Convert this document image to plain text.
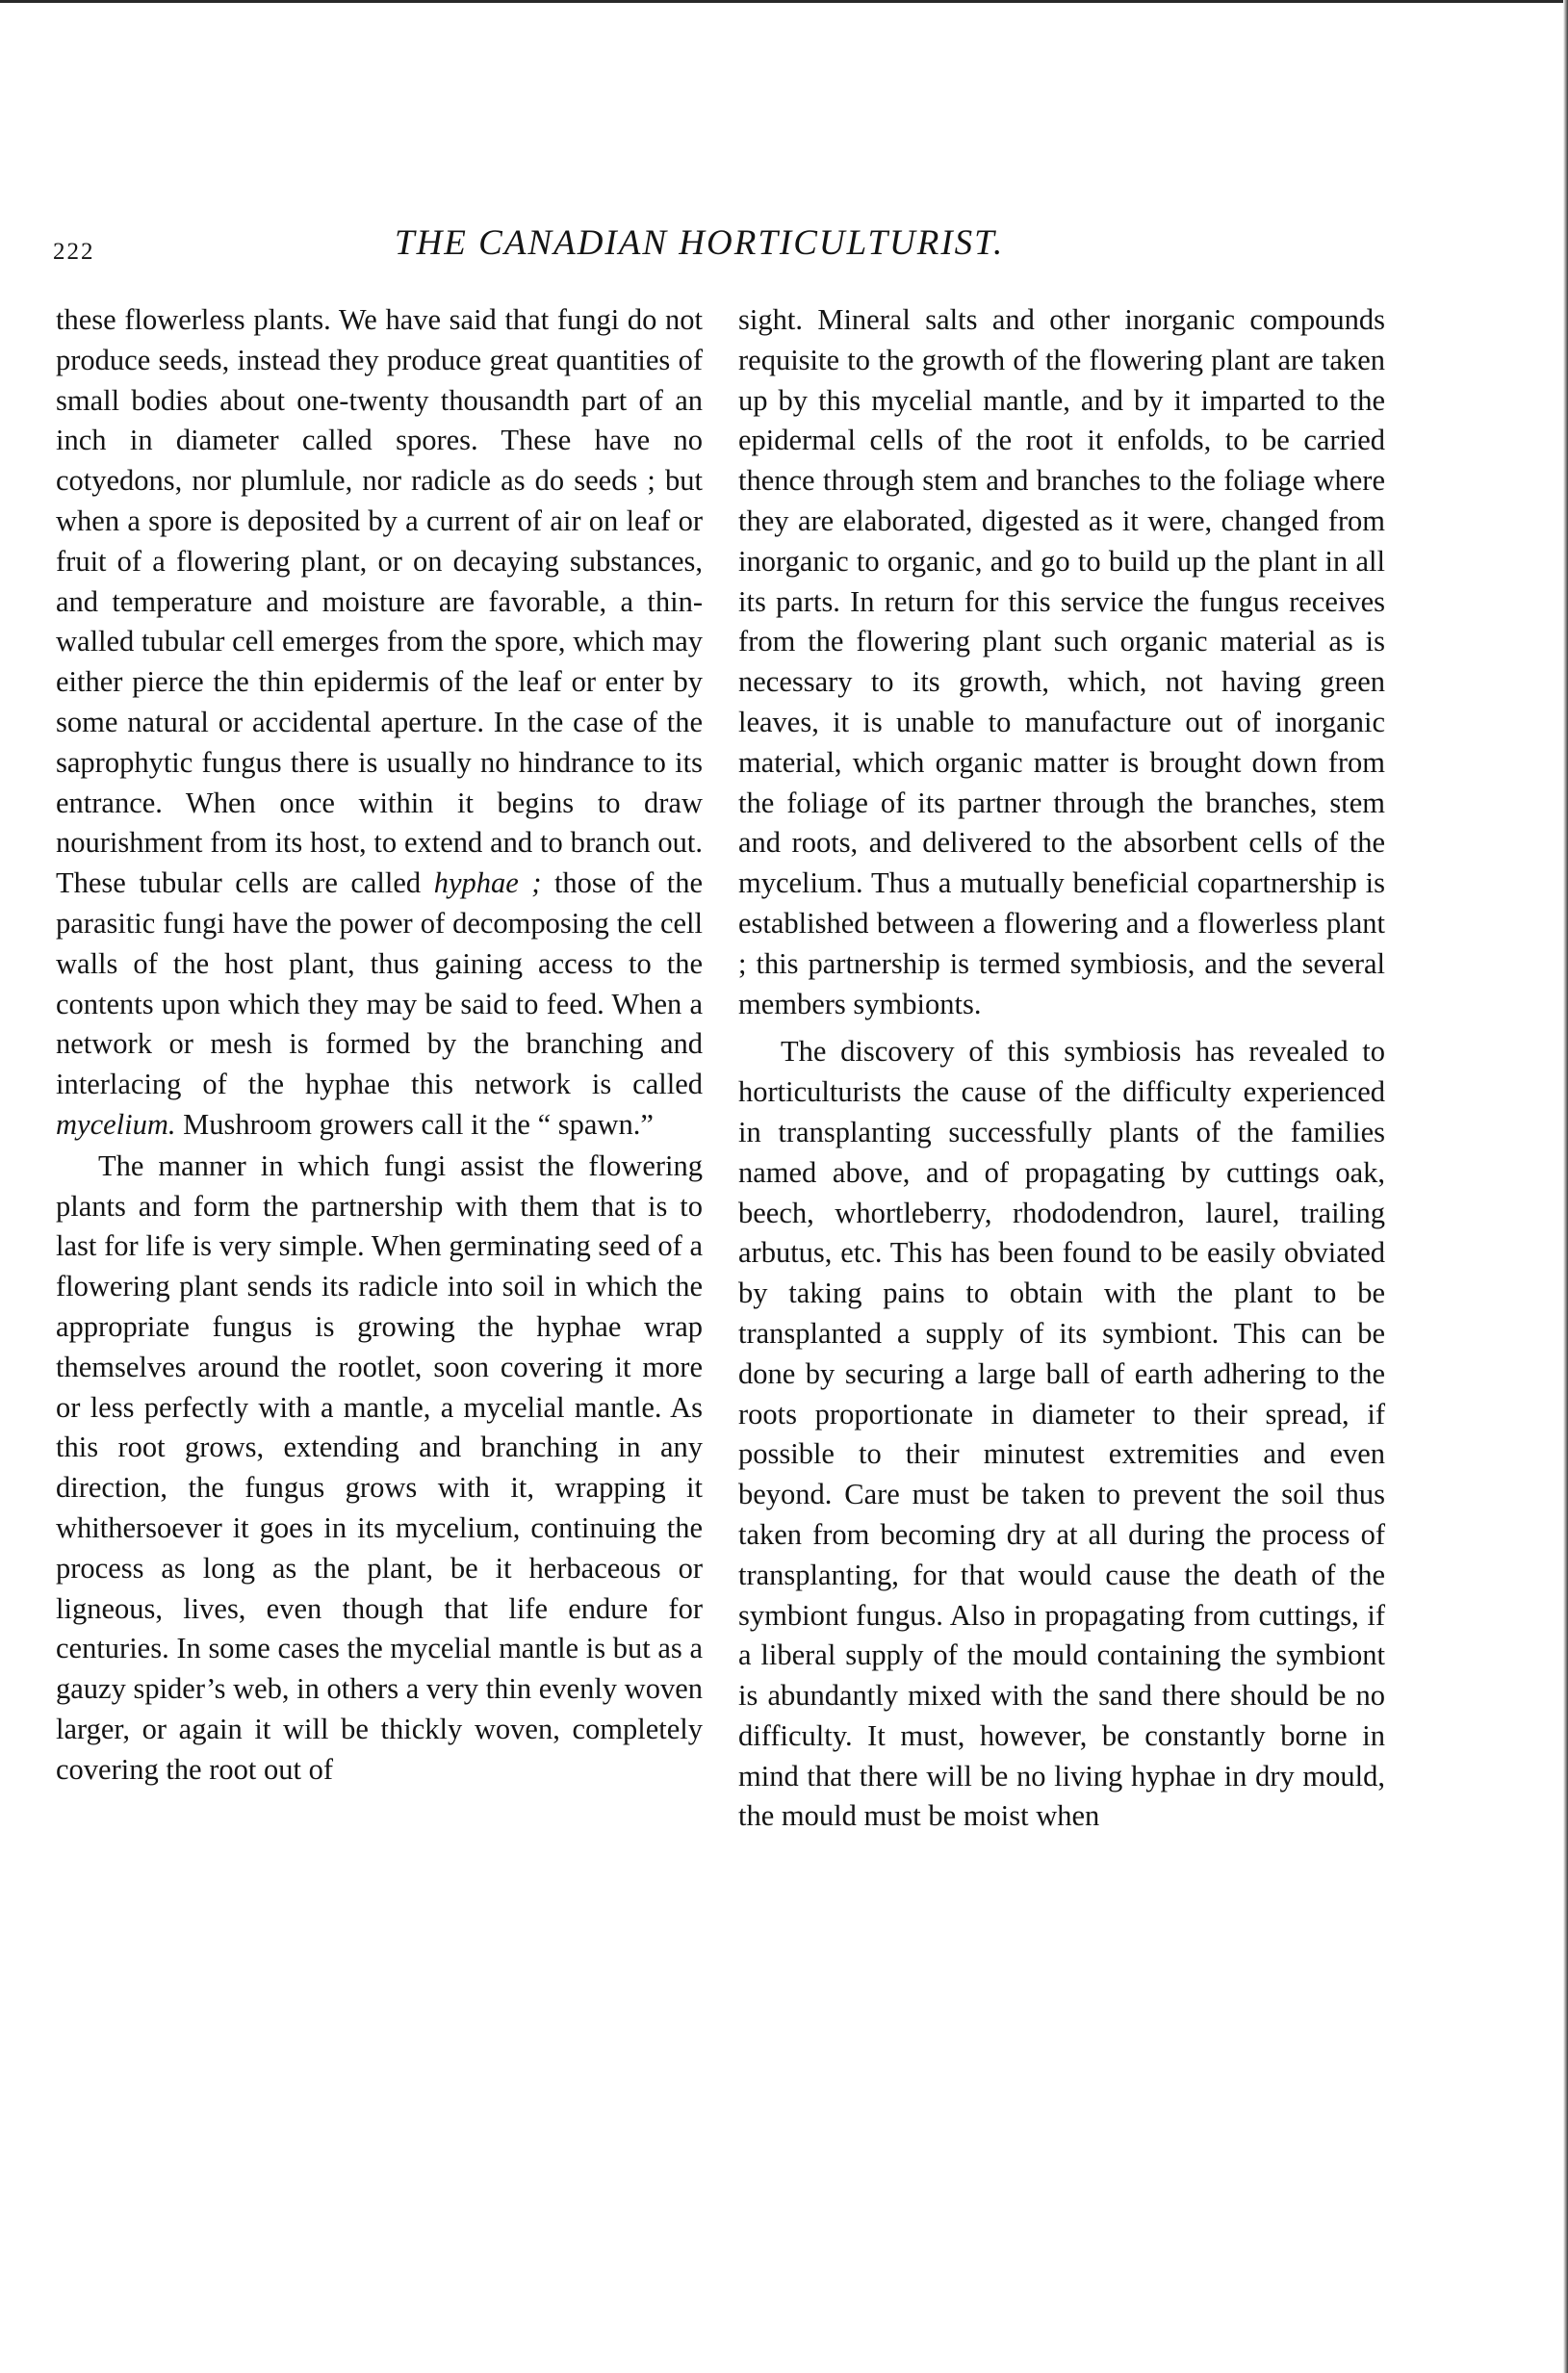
222	THE CANADIAN HORTICULTURIST.

these flowerless plants. We have said that fungi do not produce seeds, instead they produce great quantities of small bodies about one-twenty thousandth part of an inch in diameter called spores. These have no cotyedons, nor plumlule, nor radicle as do seeds ; but when a spore is deposited by a current of air on leaf or fruit of a flowering plant, or on decaying substances, and temperature and moisture are favorable, a thin-walled tubular cell emerges from the spore, which may either pierce the thin epidermis of the leaf or enter by some natural or accidental aperture. In the case of the saprophytic fungus there is usually no hindrance to its entrance. When once within it begins to draw nourishment from its host, to extend and to branch out. These tubular cells are called hyphae ; those of the parasitic fungi have the power of decomposing the cell walls of the host plant, thus gaining access to the contents upon which they may be said to feed. When a network or mesh is formed by the branching and interlacing of the hyphae this network is called mycelium. Mushroom growers call it the “ spawn.”

The manner in which fungi assist the flowering plants and form the partnership with them that is to last for life is very simple. When germinating seed of a flowering plant sends its radicle into soil in which the appropriate fungus is growing the hyphae wrap themselves around the rootlet, soon covering it more or less perfectly with a mantle, a mycelial mantle. As this root grows, extending and branching in any direction, the fungus grows with it, wrapping it whithersoever it goes in its mycelium, continuing the process as long as the plant, be it herbaceous or ligneous, lives, even though that life endure for centuries. In some cases the mycelial mantle is but as a gauzy spider’s web, in others a very thin evenly woven larger, or again it will be thickly woven, completely covering the root out of

sight. Mineral salts and other inorganic compounds requisite to the growth of the flowering plant are taken up by this mycelial mantle, and by it imparted to the epidermal cells of the root it enfolds, to be carried thence through stem and branches to the foliage where they are elaborated, digested as it were, changed from inorganic to organic, and go to build up the plant in all its parts. In return for this service the fungus receives from the flowering plant such organic material as is necessary to its growth, which, not having green leaves, it is unable to manufacture out of inorganic material, which organic matter is brought down from the foliage of its partner through the branches, stem and roots, and delivered to the absorbent cells of the mycelium. Thus a mutually beneficial copartnership is established between a flowering and a flowerless plant ; this partnership is termed symbiosis, and the several members symbionts.

The discovery of this symbiosis has revealed to horticulturists the cause of the difficulty experienced in transplanting successfully plants of the families named above, and of propagating by cuttings oak, beech, whortleberry, rhododendron, laurel, trailing arbutus, etc. This has been found to be easily obviated by taking pains to obtain with the plant to be transplanted a supply of its symbiont. This can be done by securing a large ball of earth adhering to the roots proportionate in diameter to their spread, if possible to their minutest extremities and even beyond. Care must be taken to prevent the soil thus taken from becoming dry at all during the process of transplanting, for that would cause the death of the symbiont fungus. Also in propagating from cuttings, if a liberal supply of the mould containing the symbiont is abundantly mixed with the sand there should be no difficulty. It must, however, be constantly borne in mind that there will be no living hyphae in dry mould, the mould must be moist when
